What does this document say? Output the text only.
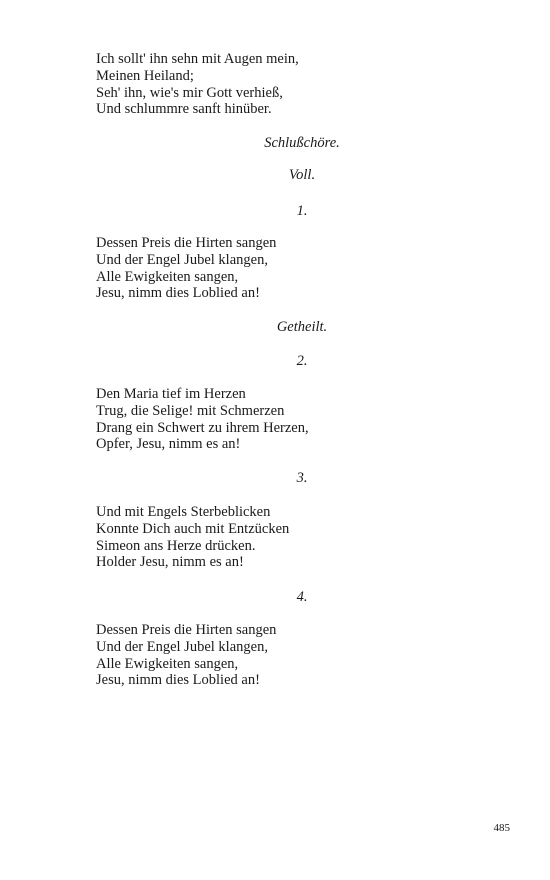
Ich sollt' ihn sehn mit Augen mein,
Meinen Heiland;
Seh' ihn, wie's mir Gott verhieß,
Und schlummre sanft hinüber.
Schlußchöre.
Voll.
1.
Dessen Preis die Hirten sangen
Und der Engel Jubel klangen,
Alle Ewigkeiten sangen,
Jesu, nimm dies Loblied an!
Getheilt.
2.
Den Maria tief im Herzen
Trug, die Selige! mit Schmerzen
Drang ein Schwert zu ihrem Herzen,
Opfer, Jesu, nimm es an!
3.
Und mit Engels Sterbeblicken
Konnte Dich auch mit Entzücken
Simeon ans Herze drücken.
Holder Jesu, nimm es an!
4.
Dessen Preis die Hirten sangen
Und der Engel Jubel klangen,
Alle Ewigkeiten sangen,
Jesu, nimm dies Loblied an!
485
